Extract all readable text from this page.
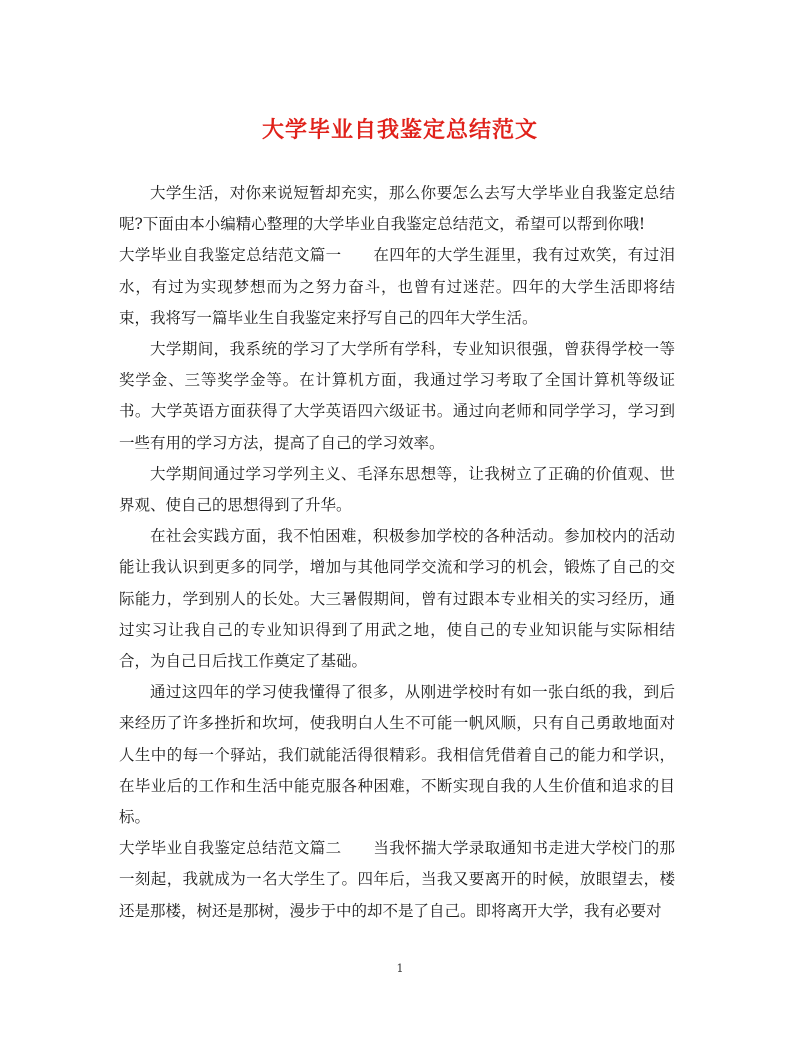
大学毕业自我鉴定总结范文

大学生活，对你来说短暂却充实，那么你要怎么去写大学毕业自我鉴定总结呢?下面由本小编精心整理的大学毕业自我鉴定总结范文，希望可以帮到你哦!

大学毕业自我鉴定总结范文篇一　　在四年的大学生涯里，我有过欢笑，有过泪水，有过为实现梦想而为之努力奋斗，也曾有过迷茫。四年的大学生活即将结束，我将写一篇毕业生自我鉴定来抒写自己的四年大学生活。

大学期间，我系统的学习了大学所有学科，专业知识很强，曾获得学校一等奖学金、三等奖学金等。在计算机方面，我通过学习考取了全国计算机等级证书。大学英语方面获得了大学英语四六级证书。通过向老师和同学学习，学习到一些有用的学习方法，提高了自己的学习效率。

大学期间通过学习学列主义、毛泽东思想等，让我树立了正确的价值观、世界观、使自己的思想得到了升华。

在社会实践方面，我不怕困难，积极参加学校的各种活动。参加校内的活动能让我认识到更多的同学，增加与其他同学交流和学习的机会，锻炼了自己的交际能力，学到别人的长处。大三暑假期间，曾有过跟本专业相关的实习经历，通过实习让我自己的专业知识得到了用武之地，使自己的专业知识能与实际相结合，为自己日后找工作奠定了基础。

通过这四年的学习使我懂得了很多，从刚进学校时有如一张白纸的我，到后来经历了许多挫折和坎坷，使我明白人生不可能一帆风顺，只有自己勇敢地面对人生中的每一个驿站，我们就能活得很精彩。我相信凭借着自己的能力和学识，在毕业后的工作和生活中能克服各种困难，不断实现自我的人生价值和追求的目标。

大学毕业自我鉴定总结范文篇二　　当我怀揣大学录取通知书走进大学校门的那一刻起，我就成为一名大学生了。四年后，当我又要离开的时候，放眼望去，楼还是那楼，树还是那树，漫步于中的却不是了自己。即将离开大学，我有必要对

1
